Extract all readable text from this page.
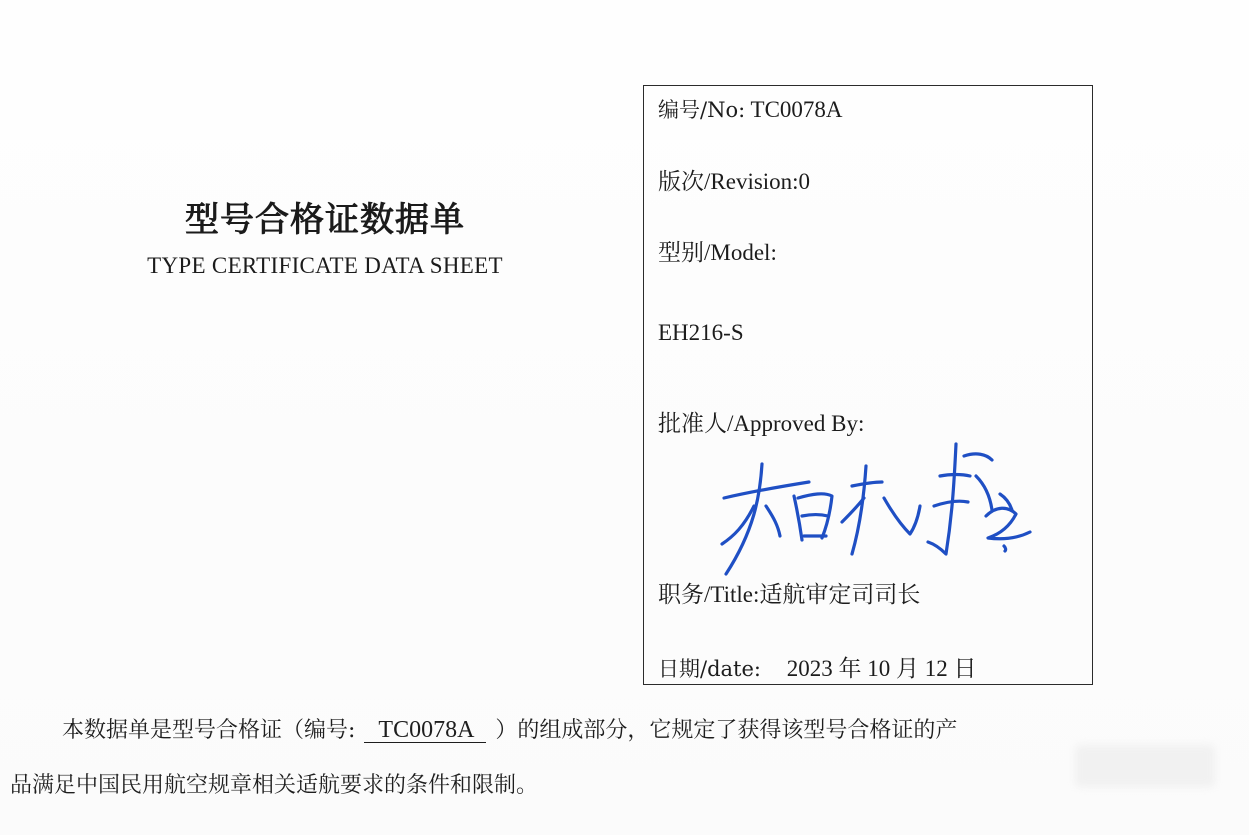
型号合格证数据单
TYPE CERTIFICATE DATA SHEET
编号/No: TC0078A
版次/Revision:0
型别/Model:
EH216-S
批准人/Approved By:
职务/Title:适航审定司司长
日期/date: 2023 年 10 月 12 日
本数据单是型号合格证（编号: TC0078A ）的组成部分，它规定了获得该型号合格证的产
品满足中国民用航空规章相关适航要求的条件和限制。
